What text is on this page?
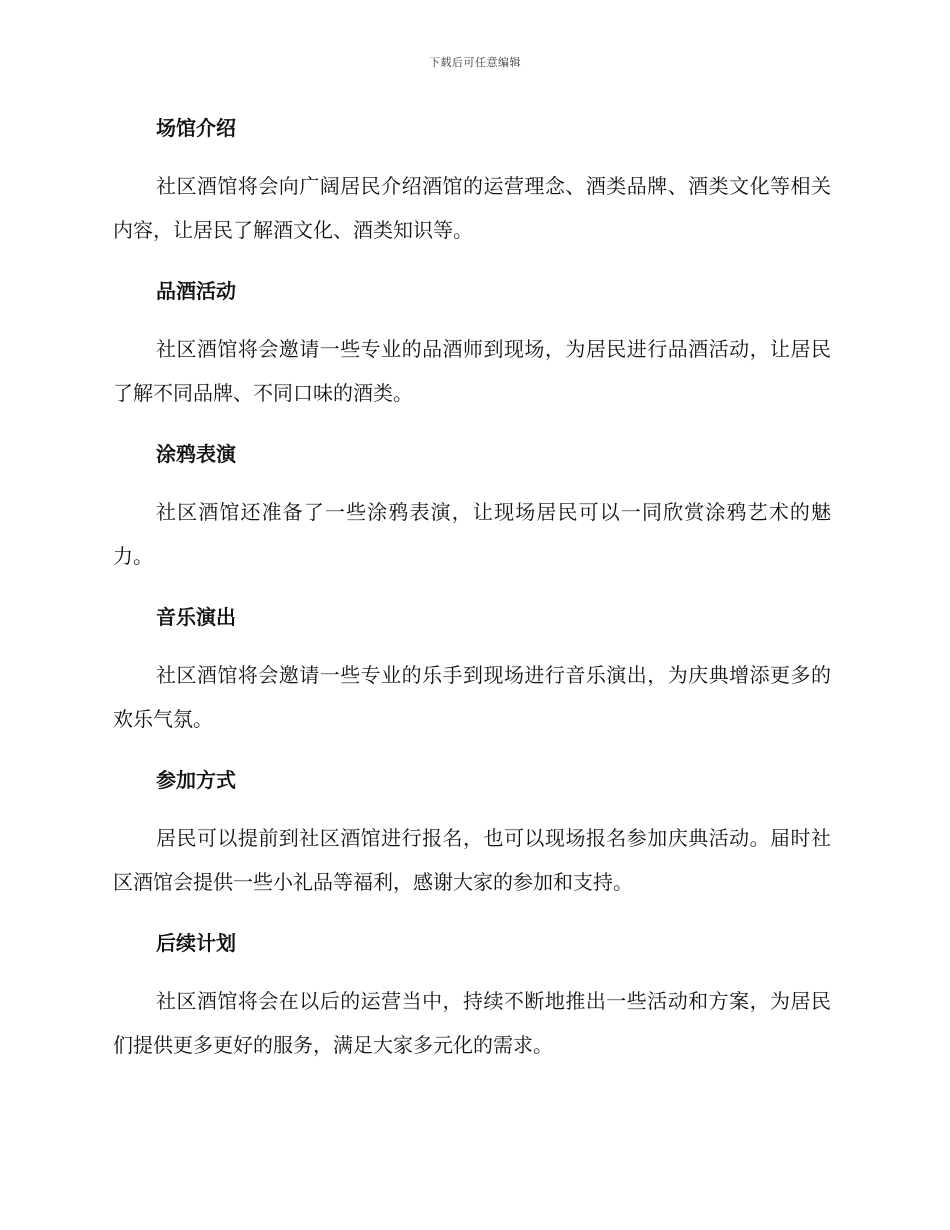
下载后可任意编辑
场馆介绍

社区酒馆将会向广阔居民介绍酒馆的运营理念、酒类品牌、酒类文化等相关内容，让居民了解酒文化、酒类知识等。

品酒活动

社区酒馆将会邀请一些专业的品酒师到现场，为居民进行品酒活动，让居民了解不同品牌、不同口味的酒类。

涂鸦表演

社区酒馆还准备了一些涂鸦表演，让现场居民可以一同欣赏涂鸦艺术的魅力。

音乐演出

社区酒馆将会邀请一些专业的乐手到现场进行音乐演出，为庆典增添更多的欢乐气氛。

参加方式

居民可以提前到社区酒馆进行报名，也可以现场报名参加庆典活动。届时社区酒馆会提供一些小礼品等福利，感谢大家的参加和支持。

后续计划

社区酒馆将会在以后的运营当中，持续不断地推出一些活动和方案，为居民们提供更多更好的服务，满足大家多元化的需求。
